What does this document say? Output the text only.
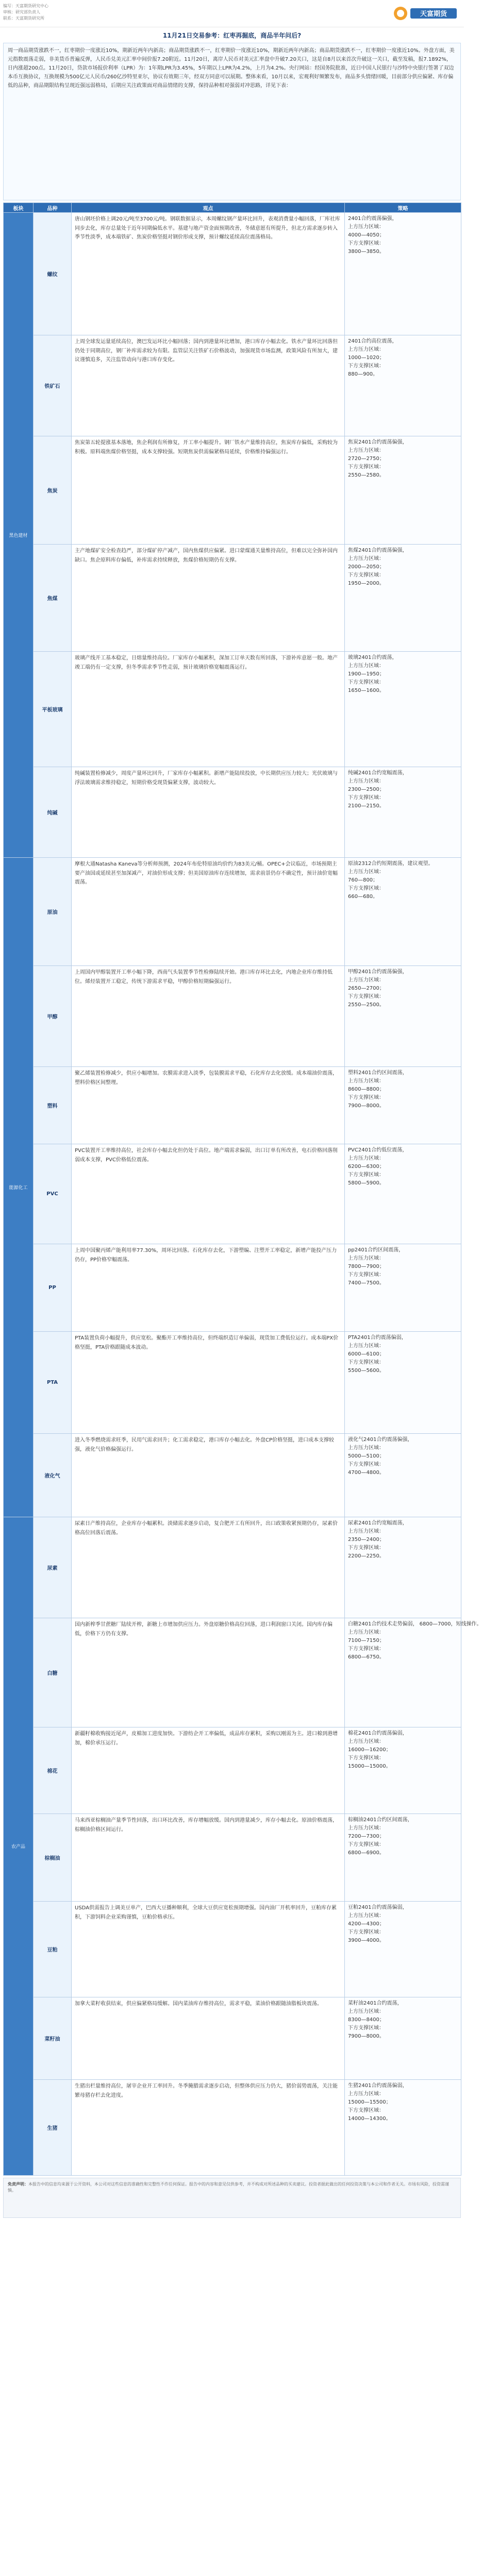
编写：天富期货研究中心
审核：研究部负责人
联系：天富期货研究所
天富期货
11月21日交易参考：红枣再掘底，商品半年问后?
周一商品期货涨跌不一，红枣期价一度涨近10%，期新近两年内新高；商品期货涨跌不一，红枣期价一度涨近10%，期新近两年内新高；商品期货涨跌不一，红枣期价一度涨近10%。外盘方面，美元指数震荡走弱，非美货币普遍反弹，人民币兑美元汇率中间价报7.20附近。11月20日，离岸人民币对美元汇率盘中升破7.20关口，这是自8月以来首次升破这一关口，截至发稿，报7.1892%，日内涨超200点。11月20日，贷款市场报价利率（LPR）为：1年期LPR为3.45%，5年期以上LPR为4.2%，上月为4.2%。央行网站：经国务院批准，近日中国人民银行与沙特中央银行签署了双边本币互换协议，互换规模为500亿元人民币/260亿沙特里亚尔，协议有效期三年，经双方同意可以展期。整体来看，10月以来，宏观利好频繁发布，商品多头情绪回暖，目前部分供应偏紧、库存偏低的品种，商品期限结构呈现近强远弱格局，后期应关注政策面对商品情绪的支撑，保持品种相对强弱对冲思路，详见下表：
板块	品种	观点	策略
黑色建材	螺纹	唐山钢坯价格上调20元/吨至3700元/吨。钢联数据显示，本周螺纹钢产量环比回升，表观消费量小幅回落，厂库社库同步去化，库存总量处于近年同期偏低水平。基建与地产资金面预期改善，冬储意愿有所提升，但北方需求逐步转入季节性淡季，成本端铁矿、焦炭价格坚挺对钢价形成支撑，预计螺纹延续高位震荡格局。	2401合约震荡偏强，
上方压力区域：
4000—4050；
下方支撑区域：
3800—3850。

	铁矿石	上周全球发运量延续高位，澳巴发运环比小幅回落；国内到港量环比增加，港口库存小幅去化。铁水产量环比回落但仍处于同期高位，钢厂补库需求较为有限。监管层关注铁矿石价格波动，加强现货市场监测，政策风险有所加大，建议谨慎追多，关注监管动向与港口库存变化。	2401合约高位震荡，
上方压力区域：
1000—1020；
下方支撑区域：
880—900。

	焦炭	焦炭第五轮提涨基本落地，焦企利润有所修复，开工率小幅提升。钢厂铁水产量维持高位，焦炭库存偏低，采购较为积极。原料端焦煤价格坚挺，成本支撑较强。短期焦炭供需偏紧格局延续，价格维持偏强运行。	焦炭2401合约震荡偏强，
上方压力区域：
2720—2750；
下方支撑区域：
2550—2580。

	焦煤	主产地煤矿安全检查趋严，部分煤矿停产减产，国内焦煤供应偏紧。进口蒙煤通关量维持高位，但难以完全弥补国内缺口。焦企原料库存偏低，补库需求持续释放，焦煤价格短期仍有支撑。	焦煤2401合约震荡偏强，
上方压力区域：
2000—2050；
下方支撑区域：
1950—2000。

	平板玻璃	玻璃产线开工基本稳定，日熔量维持高位。厂家库存小幅累积，深加工订单天数有所回落，下游补库意愿一般。地产竣工端仍有一定支撑，但冬季需求季节性走弱，预计玻璃价格宽幅震荡运行。	玻璃2401合约震荡，
上方压力区域：
1900—1950；
下方支撑区域：
1650—1600。

	纯碱	纯碱装置检修减少，周度产量环比回升，厂家库存小幅累积。新增产能陆续投放，中长期供应压力较大；光伏玻璃与浮法玻璃需求维持稳定，短期价格受现货偏紧支撑，波动较大。	纯碱2401合约宽幅震荡，
上方压力区域：
2300—2500；
下方支撑区域：
2100—2150。

能源化工	原油	摩根大通Natasha Kaneva等分析师预测，2024年布伦特原油均价约为83美元/桶。OPEC+会议临近，市场预期主要产油国或延续甚至加深减产，对油价形成支撑；但美国原油库存连续增加，需求前景仍存不确定性，预计油价宽幅震荡。	原油2312合约短期震荡，建议观望。
上方压力区域：
760—800；
下方支撑区域：
660—680。

	甲醇	上周国内甲醇装置开工率小幅下降，西南气头装置季节性检修陆续开始。港口库存环比去化，内地企业库存维持低位。烯烃装置开工稳定，传统下游需求平稳，甲醇价格短期偏强运行。	甲醇2401合约震荡偏强，
上方压力区域：
2650—2700；
下方支撑区域：
2550—2500。

	塑料	聚乙烯装置检修减少，供应小幅增加。农膜需求进入淡季，包装膜需求平稳，石化库存去化放缓。成本端油价震荡，塑料价格区间整理。	塑料2401合约区间震荡，
上方压力区域：
8600—8800；
下方支撑区域：
7900—8000。

	PVC	PVC装置开工率维持高位，社会库存小幅去化但仍处于高位。地产端需求偏弱，出口订单有所改善，电石价格回落削弱成本支撑，PVC价格低位震荡。	PVC2401合约低位震荡，
上方压力区域：
6200—6300；
下方支撑区域：
5800—5900。

	PP	上周中国聚丙烯产能利用率77.30%，周环比回落。石化库存去化，下游塑编、注塑开工率稳定，新增产能投产压力仍存，PP价格窄幅震荡。	pp2401合约区间震荡，
上方压力区域：
7800—7900；
下方支撑区域：
7400—7500。

	PTA	PTA装置负荷小幅提升，供应宽松。聚酯开工率维持高位，但终端织造订单偏弱，现货加工费低位运行。成本端PX价格坚挺，PTA价格跟随成本波动。	PTA2401合约震荡偏弱，
上方压力区域：
6000—6100；
下方支撑区域：
5500—5600。

	液化气	进入冬季燃烧需求旺季，民用气需求回升；化工需求稳定，港口库存小幅去化。外盘CP价格坚挺，进口成本支撑较强，液化气价格偏强运行。	液化气2401合约震荡偏强，
上方压力区域：
5000—5100；
下方支撑区域：
4700—4800。

农产品	尿素	尿素日产维持高位，企业库存小幅累积。淡储需求逐步启动，复合肥开工有所回升，出口政策收紧预期仍存，尿素价格高位回落后震荡。	尿素2401合约宽幅震荡，
上方压力区域：
2350—2400；
下方支撑区域：
2200—2250。

	白糖	国内新榨季甘蔗糖厂陆续开榨，新糖上市增加供应压力。外盘原糖价格高位回落，进口利润窗口关闭。国内库存偏低，价格下方仍有支撑。	白糖2401合约技术走势偏弱， 6800—7000，短线操作。
上方压力区域：
7100—7150；
下方支撑区域：
6800—6750。

	棉花	新疆籽棉收购接近尾声，皮棉加工进度加快。下游纺企开工率偏低，成品库存累积，采购以刚需为主。进口棉到港增加，棉价承压运行。	棉花2401合约震荡偏弱，
上方压力区域：
16000—16200；
下方支撑区域：
15000—15000。

	棕榈油	马来西亚棕榈油产量季节性回落，出口环比改善，库存增幅放缓。国内到港量减少，库存小幅去化。原油价格震荡，棕榈油价格区间运行。	棕榈油2401合约区间震荡，
上方压力区域：
7200—7300；
下方支撑区域：
6800—6900。

	豆粕	USDA供需报告上调美豆单产，巴西大豆播种顺利，全球大豆供应宽松预期增强。国内油厂开机率回升，豆粕库存累积，下游饲料企业采购谨慎，豆粕价格承压。	豆粕2401合约震荡偏弱，
上方压力区域：
4200—4300；
下方支撑区域：
3900—4000。

	菜籽油	加拿大菜籽收获结束，供应偏紧格局缓解。国内菜油库存维持高位，需求平稳，菜油价格跟随油脂板块震荡。	菜籽油2401合约震荡，
上方压力区域：
8300—8400；
下方支撑区域：
7900—8000。

	生猪	生猪出栏量维持高位，屠宰企业开工率回升。冬季腌腊需求逐步启动，但整体供应压力仍大，猪价弱势震荡，关注能繁母猪存栏去化进度。	生猪2401合约震荡偏弱，
上方压力区域：
15000—15500；
下方支撑区域：
14000—14300。
免责声明：本报告中的信息均来源于公开资料，本公司对这些信息的准确性和完整性不作任何保证。报告中的内容和意见仅供参考，并不构成对所述品种的买卖建议。投资者据此做出的任何投资决策与本公司和作者无关。市场有风险，投资需谨慎。
